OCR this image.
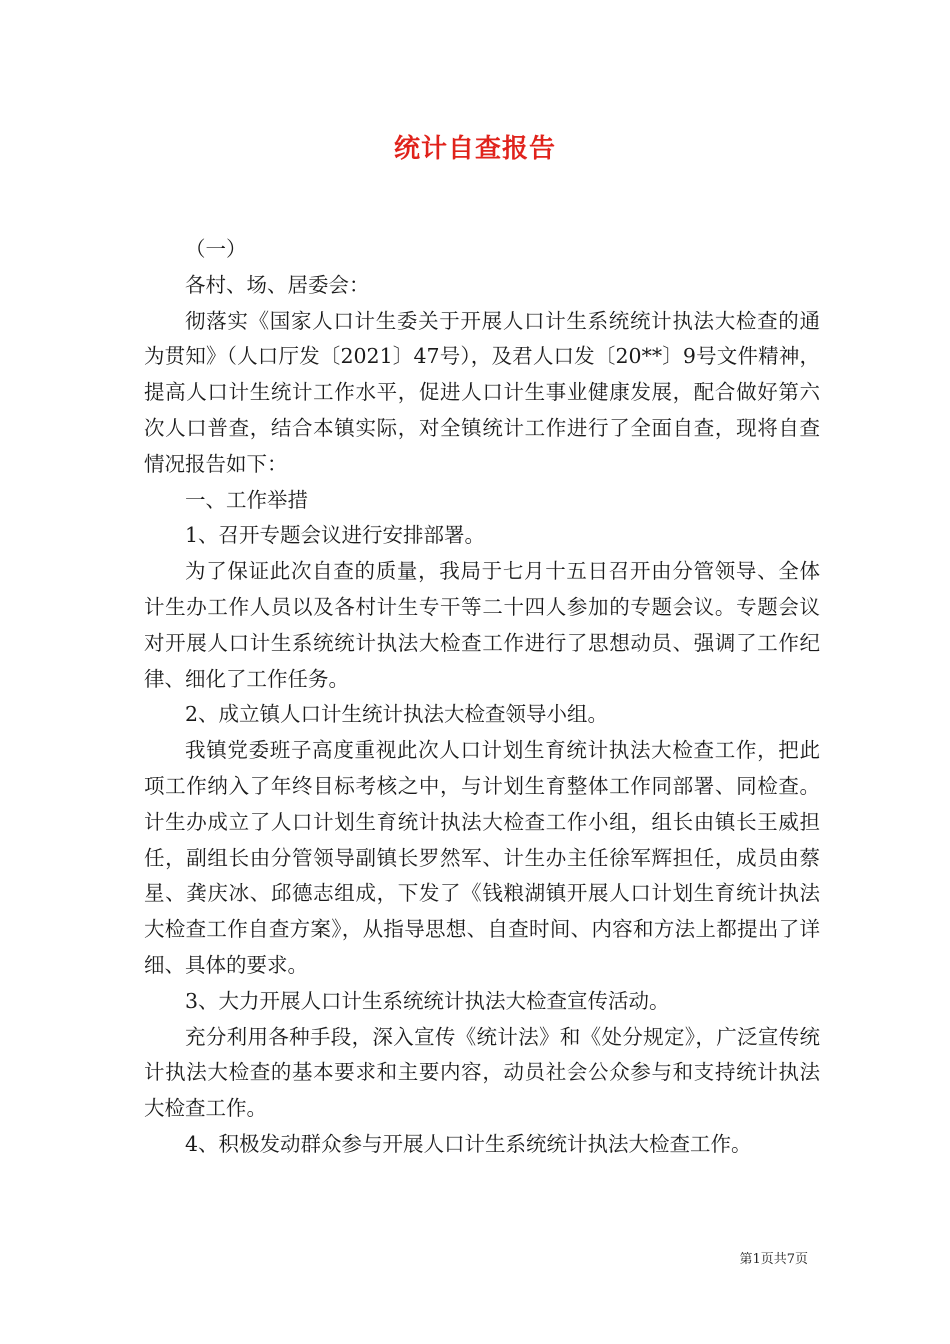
统计自查报告

（一）

各村、场、居委会：

彻落实《国家人口计生委关于开展人口计生系统统计执法大检查的通为贯知》（人口厅发〔2021〕47号），及君人口发〔20**〕9号文件精神，提高人口计生统计工作水平，促进人口计生事业健康发展，配合做好第六次人口普查，结合本镇实际，对全镇统计工作进行了全面自查，现将自查情况报告如下：

一、工作举措

1、召开专题会议进行安排部署。

为了保证此次自查的质量，我局于七月十五日召开由分管领导、全体计生办工作人员以及各村计生专干等二十四人参加的专题会议。专题会议对开展人口计生系统统计执法大检查工作进行了思想动员、强调了工作纪律、细化了工作任务。

2、成立镇人口计生统计执法大检查领导小组。

我镇党委班子高度重视此次人口计划生育统计执法大检查工作，把此项工作纳入了年终目标考核之中，与计划生育整体工作同部署、同检查。计生办成立了人口计划生育统计执法大检查工作小组，组长由镇长王威担任，副组长由分管领导副镇长罗然军、计生办主任徐军辉担任，成员由蔡星、龚庆冰、邱德志组成，下发了《钱粮湖镇开展人口计划生育统计执法大检查工作自查方案》，从指导思想、自查时间、内容和方法上都提出了详细、具体的要求。

3、大力开展人口计生系统统计执法大检查宣传活动。

充分利用各种手段，深入宣传《统计法》和《处分规定》，广泛宣传统计执法大检查的基本要求和主要内容，动员社会公众参与和支持统计执法大检查工作。

4、积极发动群众参与开展人口计生系统统计执法大检查工作。

第1页共7页
